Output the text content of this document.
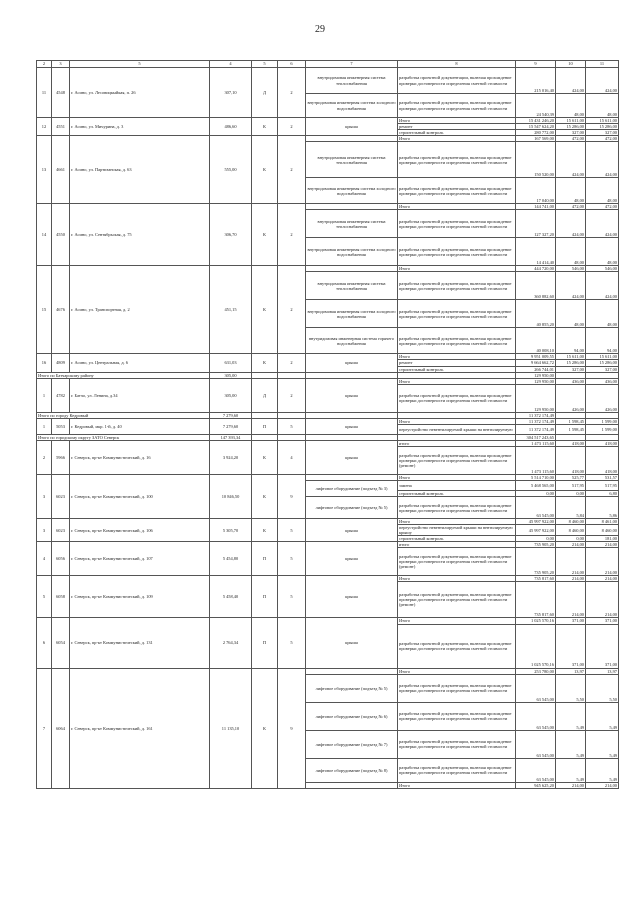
29
2	3	5	4	5	6	7	8	9	10	11
11	4548	г. Асино, ул. Лесовицкыйкая, п. 26	307,10	Д	2	внутридомовая инженерная система теплоснабжения	разработка проектной документации, включая прохождение проверки достоверности определения сметной стоимости	215 016,40	424,00	424,00
						внутридомовая инженерная система холодного водоснабжения	разработка проектной документации, включая прохождение проверки достоверности определения сметной стоимости	24 540,39	48,00	48,00
12	4551	г. Асино, ул. Мичурина, д. 3	486,60	К	2	крыша	Итого	15 431 246,20	15 611,00	15 611,00
							ремонт	15 547 624,20	15 286,00	15 286,00
							строительный контроль	280 772,00	327,00	327,00
13	4661	г. Асино, ул. Партизанская, д. 63	555,00	К	2		Итого	167 569,00	472,00	472,00
						внутридомовая инженерная система теплоснабжения	разработка проектной документации, включая прохождение проверки достоверности определения сметной стоимости	150 520,00	424,00	424,00
						внутридомовая инженерная система холодного водоснабжения	разработка проектной документации, включая прохождение проверки достоверности определения сметной стоимости	17 040,00	48,00	48,00
14	4550	г. Асино, ул. Сентябрьская, д. 75	306,70	К	2		Итого	144 741,00	472,00	472,00
						внутридомовая инженерная система теплоснабжения	разработка проектной документации, включая прохождение проверки достоверности определения сметной стоимости	127 327,20	424,00	424,00
						внутридомовая инженерная система холодного водоснабжения	разработка проектной документации, включая прохождение проверки достоверности определения сметной стоимости	14 414,40	48,00	48,00
15	4676	г. Асино, ул. Транспортная, д. 2	451,15	К	2		Итого	444 720,00	546,00	546,00
						внутридомовая инженерная система теплоснабжения	разработка проектной документации, включая прохождение проверки достоверности определения сметной стоимости	360 882,60	424,00	424,00
						внутридомовая инженерная система холодного водоснабжения	разработка проектной документации, включая прохождение проверки достоверности определения сметной стоимости	40 855,20	48,00	48,00
						внутридомовая инженерная система горячего водоснабжения	разработка проектной документации, включая прохождение проверки достоверности определения сметной стоимости	40 008,10	94,00	94,00
16	4809	г. Асино, ул. Центральная, д. 6	631,03	К	2	крыша	Итого	9 951 009,55	15 611,00	15 611,00
							ремонт	9 664 662,72	15 286,00	15 286,00
							строительный контроль	266 744,01	327,00	327,00
Итого по Батчарскому району			305,00					129 950,00		
1	4782	г. Батчо, ул. Ленина, д.34	305,00	Д	2	крыша	Итого	129 950,00	436,00	436,00
							разработка проектной документации, включая прохождение проверки достоверности определения сметной стоимости	129 950,00	426,00	426,00
Итого по городу Кедровый			7 279,60					11 372 174,49		
1	5053	г. Кедровый, мкр. 1-й, д. 40	7 279,60	П	5	крыша	Итого	11 372 174,49	1 598,45	1 599,00
							переустройство невентилируемой крыши на вентилируемую	11 372 174,49	1 598,45	1 599,00
Итого по городскому округу ЗАТО Северск			147 393,34					304 517 243,65		
2	5966	г. Северск, пр-кт Коммунистический, д. 16	3 924,20	К	4	крыша	итого	1 473 115,60	418,00	418,00
							разработка проектной документации, включая прохождение проверки достоверности определения сметной стоимости (ремонт)	1 473 115,60	418,00	418,00
3	6023	г. Северск, пр-кт Коммунистический, д. 100	10 846,50	К	9		Итого	5 514 710,00	525,77	531,57
						лифтовое оборудование (подъезд № 3)	замена	5 468 565,00	517,95	517,95
							строительный контроль	0,00	0,00	6,80
						лифтовое оборудование (подъезд № 5)	разработка проектной документации, включая прохождение проверки достоверности определения сметной стоимости	63 545,00	5,84	5,86
3	6023	г. Северск, пр-кт Коммунистический, д. 106	5 305,70	К	5	крыша	Итого	45 997 922,00	8 460,00	8 461,00
							переустройство невентилируемой крыши на вентилируемую крышу	45 997 922,00	8 460,00	8 460,00
							строительный контроль	0,00	0,00	181,00
4	6056	г. Северск, пр-кт Коммунистический, д. 107	5 454,80	П	5	крыша	итого	735 905,20	214,00	214,00
							разработка проектной документации, включая прохождение проверки достоверности определения сметной стоимости (ремонт)	735 905,20	214,00	214,00
5	6058	г. Северск, пр-кт Коммунистический, д. 109	5 458,40	П	5	крыша	Итого	735 817,60	214,00	214,00
							разработка проектной документации, включая прохождение проверки достоверности определения сметной стоимости (ремонт)	735 817,60	214,00	214,00
6	6054	г. Северск, пр-кт Коммунистический, д. 131	2 764,34	П	5	крыша	Итого	1 025 570,16	371,00	371,00
							разработка проектной документации, включая прохождение проверки достоверности определения сметной стоимости	1 025 570,16	371,00	371,00
7	6064	г. Северск, пр-кт Коммунистический, д. 161	11 135,10	К	9		Итого	253 780,00	13,97	13,97
						лифтовое оборудование (подъезд № 5)	разработка проектной документации, включая прохождение проверки достоверности определения сметной стоимости	63 545,00	5,50	5,50
						лифтовое оборудование (подъезд № 6)	разработка проектной документации, включая прохождение проверки достоверности определения сметной стоимости	63 545,00	5,49	5,49
						лифтовое оборудование (подъезд № 7)	разработка проектной документации, включая прохождение проверки достоверности определения сметной стоимости	63 545,00	5,49	5,49
						лифтовое оборудование (подъезд № 8)	разработка проектной документации, включая прохождение проверки достоверности определения сметной стоимости	63 545,00	5,49	5,49
							Итого	945 625,20	214,00	214,00
